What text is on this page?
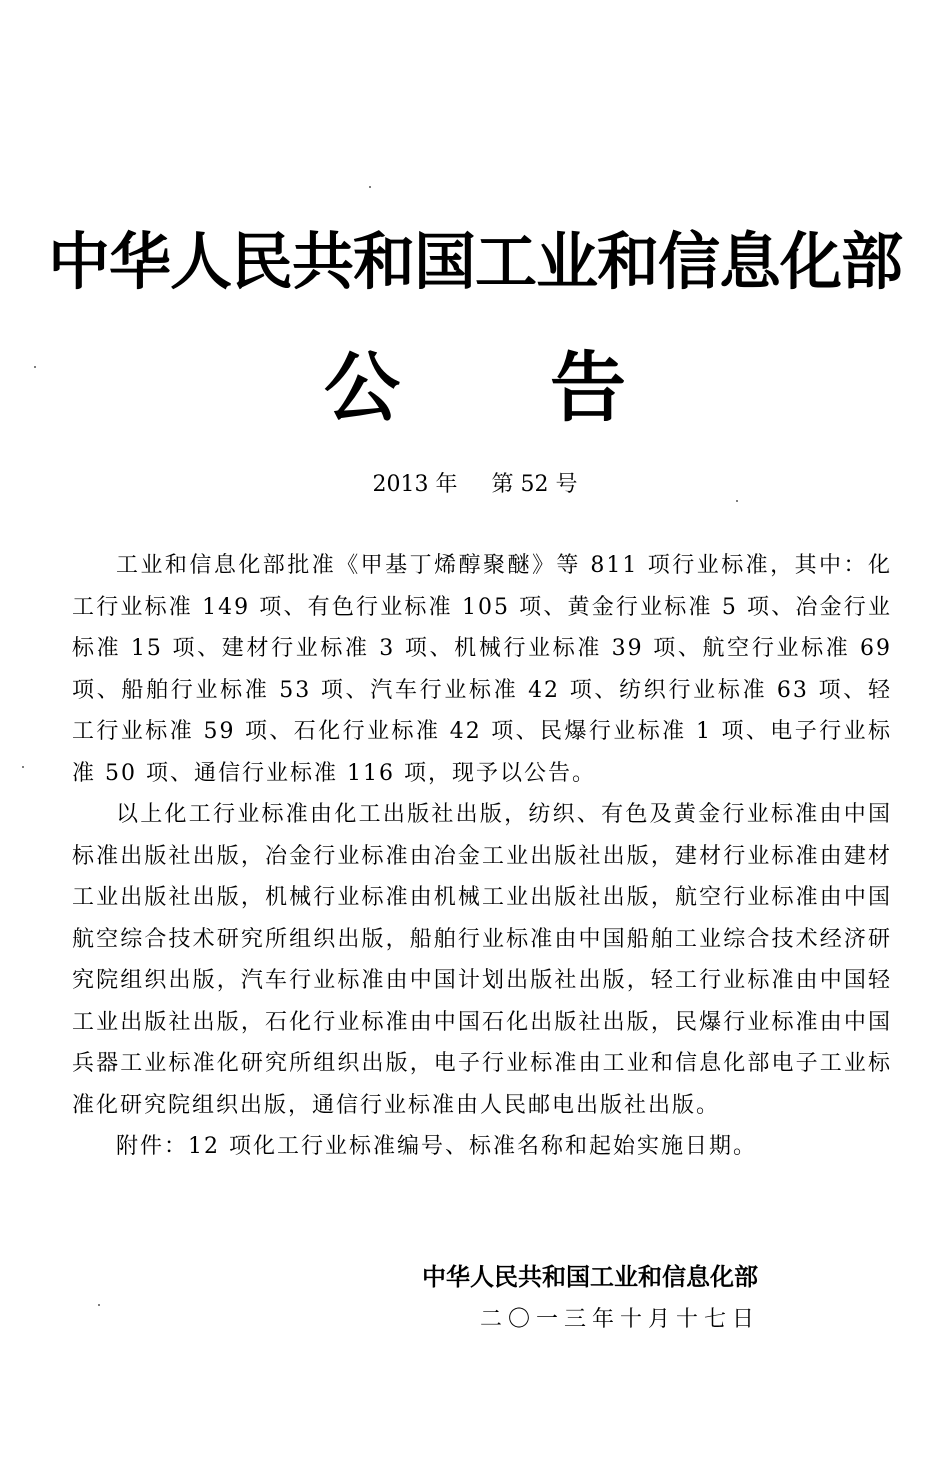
中华人民共和国工业和信息化部
公 告
2013 年 第 52 号

工业和信息化部批准《甲基丁烯醇聚醚》等 811 项行业标准，其中：化工行业标准 149 项、有色行业标准 105 项、黄金行业标准 5 项、冶金行业标准 15 项、建材行业标准 3 项、机械行业标准 39 项、航空行业标准 69 项、船舶行业标准 53 项、汽车行业标准 42 项、纺织行业标准 63 项、轻工行业标准 59 项、石化行业标准 42 项、民爆行业标准 1 项、电子行业标准 50 项、通信行业标准 116 项，现予以公告。

以上化工行业标准由化工出版社出版，纺织、有色及黄金行业标准由中国标准出版社出版，冶金行业标准由冶金工业出版社出版，建材行业标准由建材工业出版社出版，机械行业标准由机械工业出版社出版，航空行业标准由中国航空综合技术研究所组织出版，船舶行业标准由中国船舶工业综合技术经济研究院组织出版，汽车行业标准由中国计划出版社出版，轻工行业标准由中国轻工业出版社出版，石化行业标准由中国石化出版社出版，民爆行业标准由中国兵器工业标准化研究所组织出版，电子行业标准由工业和信息化部电子工业标准化研究院组织出版，通信行业标准由人民邮电出版社出版。

附件：12 项化工行业标准编号、标准名称和起始实施日期。

中华人民共和国工业和信息化部
二〇一三年十月十七日
